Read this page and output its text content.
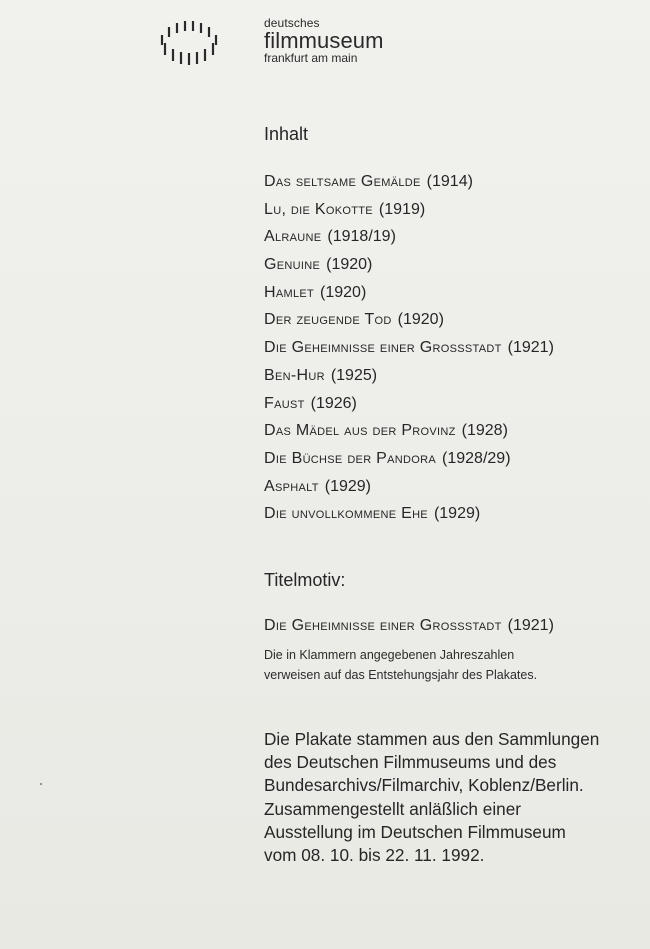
deutsches
filmmuseum
frankfurt am main
Inhalt
Das seltsame Gemälde (1914)
Lu, die Kokotte (1919)
Alraune (1918/19)
Genuine (1920)
Hamlet (1920)
Der zeugende Tod (1920)
Die Geheimnisse einer Grossstadt (1921)
Ben-Hur (1925)
Faust (1926)
Das Mädel aus der Provinz (1928)
Die Büchse der Pandora (1928/29)
Asphalt (1929)
Die unvollkommene Ehe (1929)
Titelmotiv:
Die Geheimnisse einer Grossstadt (1921)
Die in Klammern angegebenen Jahreszahlen
verweisen auf das Entstehungsjahr des Plakates.
Die Plakate stammen aus den Sammlungen
des Deutschen Filmmuseums und des
Bundesarchivs/Filmarchiv, Koblenz/Berlin.
Zusammengestellt anläßlich einer
Ausstellung im Deutschen Filmmuseum
vom 08. 10. bis 22. 11. 1992.
